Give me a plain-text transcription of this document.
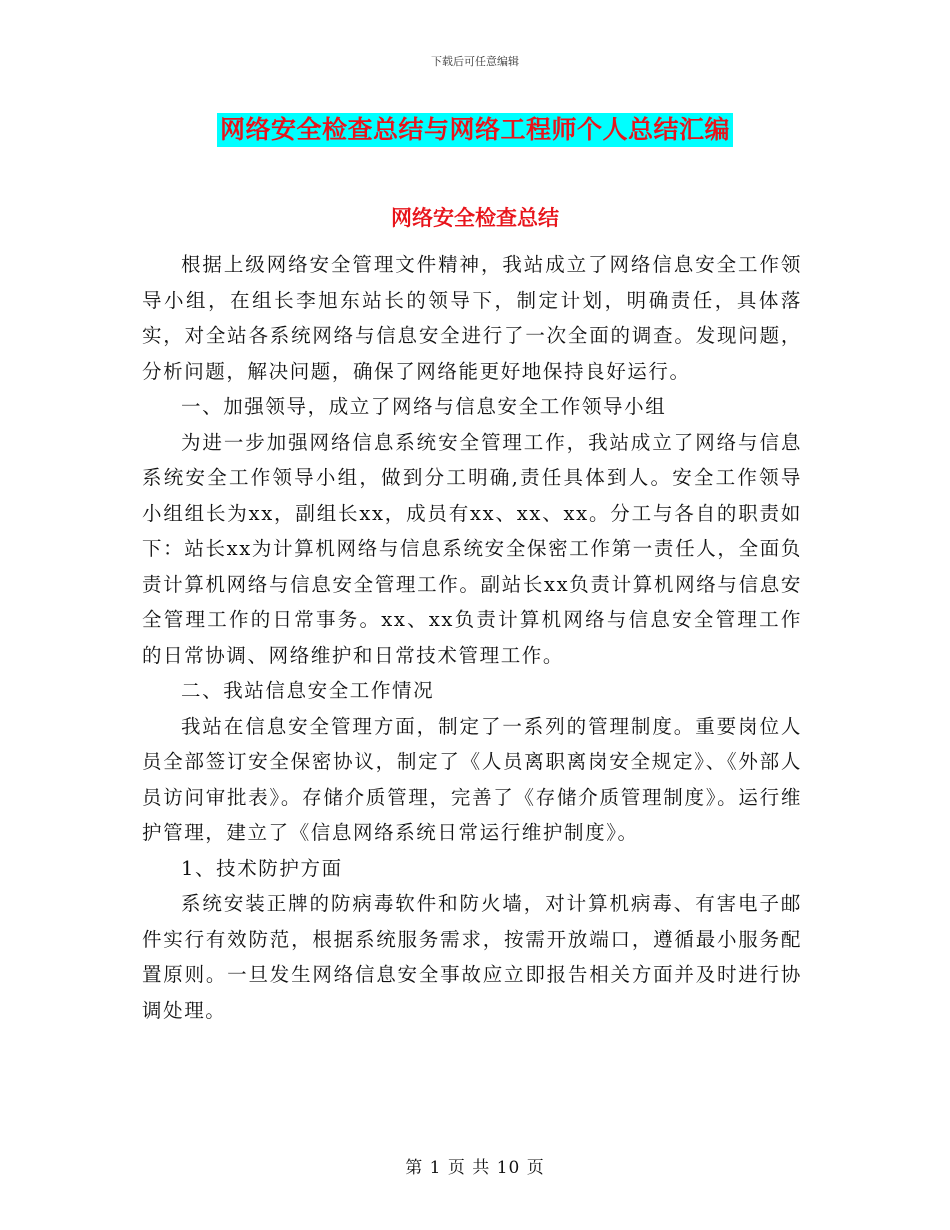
下载后可任意编辑
网络安全检查总结与网络工程师个人总结汇编
网络安全检查总结

根据上级网络安全管理文件精神，我站成立了网络信息安全工作领导小组，在组长李旭东站长的领导下，制定计划，明确责任，具体落实，对全站各系统网络与信息安全进行了一次全面的调查。发现问题，分析问题，解决问题，确保了网络能更好地保持良好运行。

一、加强领导，成立了网络与信息安全工作领导小组

为进一步加强网络信息系统安全管理工作，我站成立了网络与信息系统安全工作领导小组，做到分工明确,责任具体到人。安全工作领导小组组长为xx，副组长xx，成员有xx、xx、xx。分工与各自的职责如下：站长xx为计算机网络与信息系统安全保密工作第一责任人，全面负责计算机网络与信息安全管理工作。副站长xx负责计算机网络与信息安全管理工作的日常事务。xx、xx负责计算机网络与信息安全管理工作的日常协调、网络维护和日常技术管理工作。

二、我站信息安全工作情况

我站在信息安全管理方面，制定了一系列的管理制度。重要岗位人员全部签订安全保密协议，制定了《人员离职离岗安全规定》、《外部人员访问审批表》。存储介质管理，完善了《存储介质管理制度》。运行维护管理，建立了《信息网络系统日常运行维护制度》。

1、技术防护方面

系统安装正牌的防病毒软件和防火墙，对计算机病毒、有害电子邮件实行有效防范，根据系统服务需求，按需开放端口，遵循最小服务配置原则。一旦发生网络信息安全事故应立即报告相关方面并及时进行协调处理。

第 1 页 共 10 页
